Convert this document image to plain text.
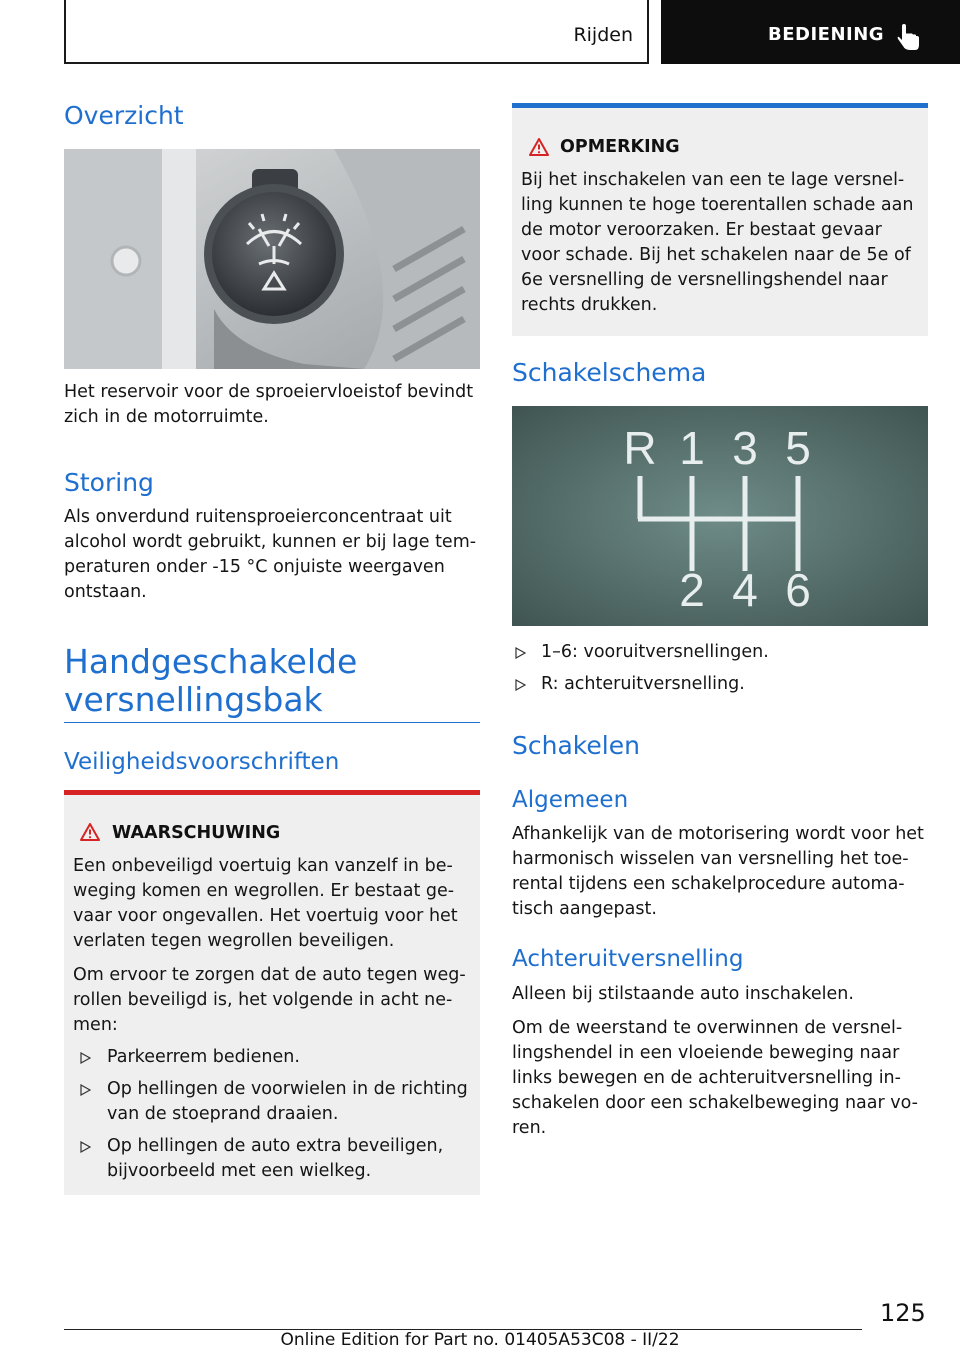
Rijden	BEDIENING
Overzicht
Het reservoir voor de sproeiervloeistof bevindt
zich in de motorruimte.
Storing
Als onverdund ruitensproeierconcentraat uit
alcohol wordt gebruikt, kunnen er bij lage tem-
peraturen onder -15 °C onjuiste weergaven
ontstaan.
Handgeschakelde
versnellingsbak
Veiligheidsvoorschriften
WAARSCHUWING
Een onbeveiligd voertuig kan vanzelf in be-
weging komen en wegrollen. Er bestaat ge-
vaar voor ongevallen. Het voertuig voor het
verlaten tegen wegrollen beveiligen.
Om ervoor te zorgen dat de auto tegen weg-
rollen beveiligd is, het volgende in acht ne-
men:
Parkeerrem bedienen.
Op hellingen de voorwielen in de richting
van de stoeprand draaien.
Op hellingen de auto extra beveiligen,
bijvoorbeeld met een wielkeg.
OPMERKING
Bij het inschakelen van een te lage versnel-
ling kunnen te hoge toerentallen schade aan
de motor veroorzaken. Er bestaat gevaar
voor schade. Bij het schakelen naar de 5e of
6e versnelling de versnellingshendel naar
rechts drukken.
Schakelschema
R 1 3 5
2 4 6
1–6: vooruitversnellingen.
R: achteruitversnelling.
Schakelen
Algemeen
Afhankelijk van de motorisering wordt voor het
harmonisch wisselen van versnelling het toe-
rental tijdens een schakelprocedure automa-
tisch aangepast.
Achteruitversnelling
Alleen bij stilstaande auto inschakelen.
Om de weerstand te overwinnen de versnel-
lingshendel in een vloeiende beweging naar
links bewegen en de achteruitversnelling in-
schakelen door een schakelbeweging naar vo-
ren.
125
Online Edition for Part no. 01405A53C08 - II/22
